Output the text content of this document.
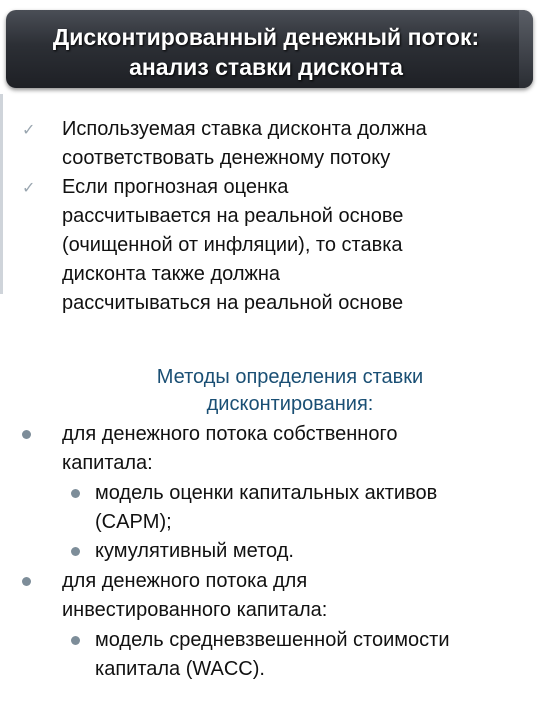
Дисконтированный денежный поток:
анализ ставки дисконта
✓ Используемая ставка дисконта должна
соответствовать денежному потоку
✓ Если прогнозная оценка
рассчитывается на реальной основе
(очищенной от инфляции), то ставка
дисконта также должна
рассчитываться на реальной основе
Методы определения ставки
дисконтирования:
для денежного потока собственного
капитала:
модель оценки капитальных активов
(CAPM);
кумулятивный метод.
для денежного потока для
инвестированного капитала:
модель средневзвешенной стоимости
капитала (WACC).
